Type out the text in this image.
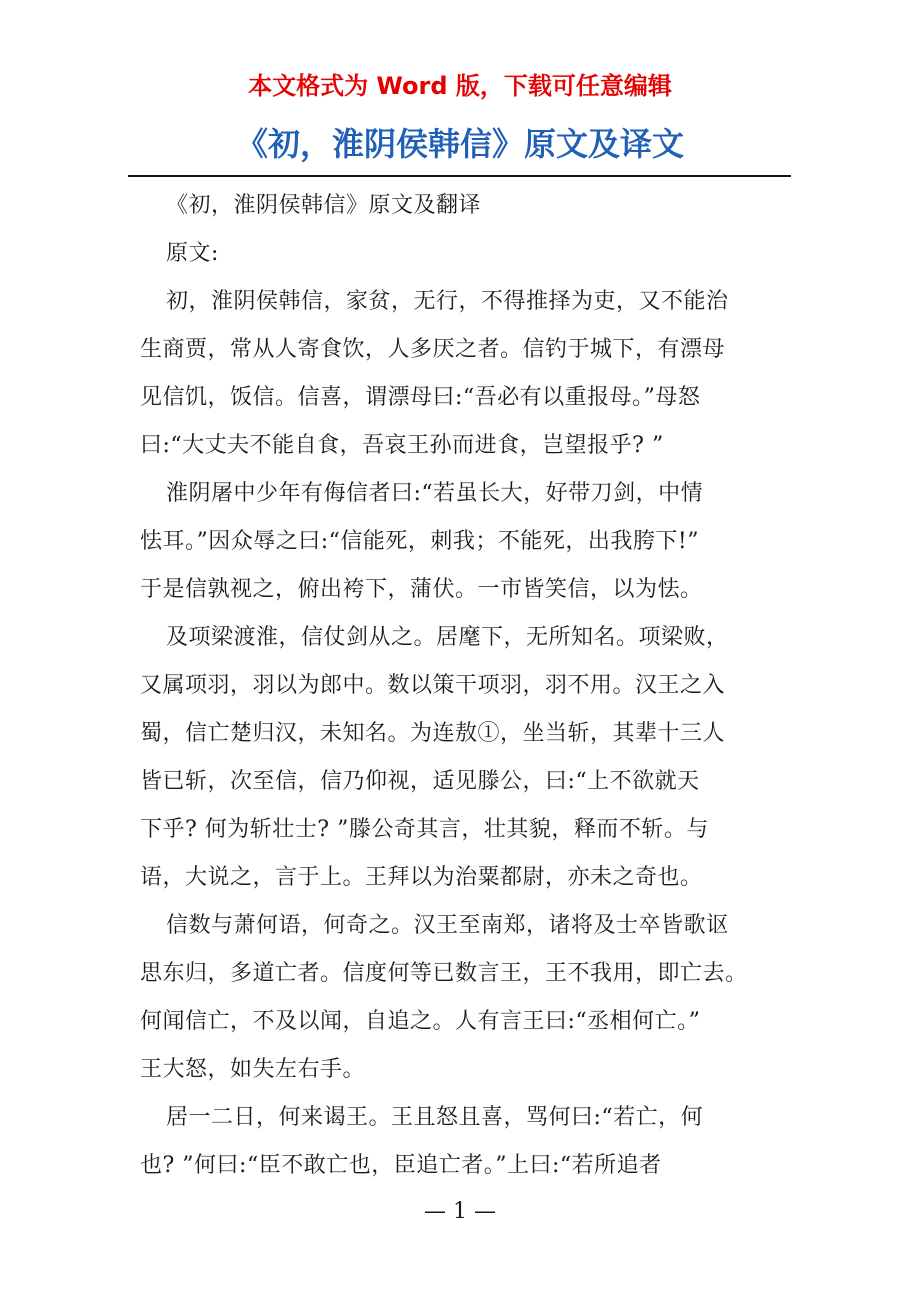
本文格式为 Word 版，下载可任意编辑
《初，淮阴侯韩信》原文及译文
《初，淮阴侯韩信》原文及翻译
原文:
初，淮阴侯韩信，家贫，无行，不得推择为吏，又不能治
生商贾，常从人寄食饮，人多厌之者。信钓于城下，有漂母
见信饥，饭信。信喜，谓漂母曰:“吾必有以重报母。”母怒
曰:“大丈夫不能自食，吾哀王孙而进食，岂望报乎? ”
淮阴屠中少年有侮信者曰:“若虽长大，好带刀剑，中情
怯耳。”因众辱之曰:“信能死，刺我；不能死，出我胯下!”
于是信孰视之，俯出袴下，蒲伏。一市皆笑信，以为怯。
及项梁渡淮，信仗剑从之。居麾下，无所知名。项梁败，
又属项羽，羽以为郎中。数以策干项羽，羽不用。汉王之入
蜀，信亡楚归汉，未知名。为连敖①，坐当斩，其辈十三人
皆已斩，次至信，信乃仰视，适见滕公，曰:“上不欲就天
下乎? 何为斩壮士? ”滕公奇其言，壮其貌，释而不斩。与
语，大说之，言于上。王拜以为治粟都尉，亦未之奇也。
信数与萧何语，何奇之。汉王至南郑，诸将及士卒皆歌讴
思东归，多道亡者。信度何等已数言王，王不我用，即亡去。
何闻信亡，不及以闻，自追之。人有言王曰:“丞相何亡。”
王大怒，如失左右手。
居一二日，何来谒王。王且怒且喜，骂何曰:“若亡，何
也? ”何曰:“臣不敢亡也，臣追亡者。”上曰:“若所追者
— 1 —
